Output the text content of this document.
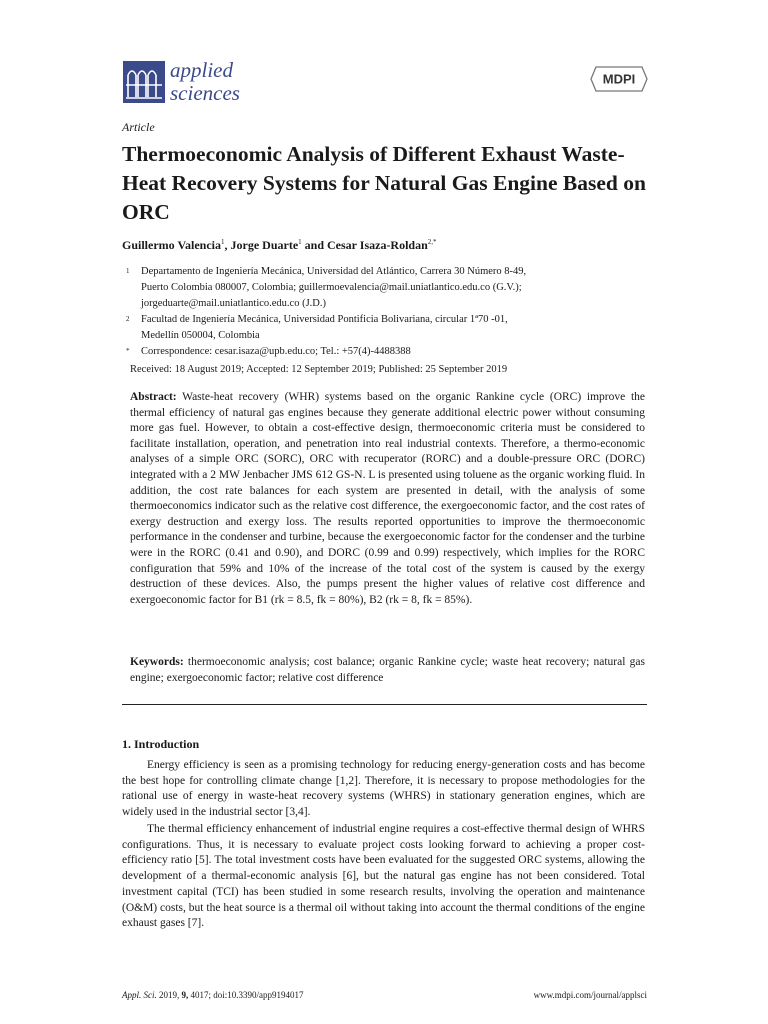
applied sciences
MDPI
Article
Thermoeconomic Analysis of Different Exhaust Waste-Heat Recovery Systems for Natural Gas Engine Based on ORC
Guillermo Valencia$^1$, Jorge Duarte$^1$ and Cesar Isaza-Roldan$^{2,*}$
1 Departamento de Ingeniería Mecánica, Universidad del Atlántico, Carrera 30 Número 8-49,
Puerto Colombia 080007, Colombia; guillermoevalencia@mail.uniatlantico.edu.co (G.V.);
jorgeduarte@mail.uniatlantico.edu.co (J.D.)
2 Facultad de Ingeniería Mecánica, Universidad Pontificia Bolivariana, circular 1ª70 -01,
Medellín 050004, Colombia
* Correspondence: cesar.isaza@upb.edu.co; Tel.: +57(4)-4488388
Received: 18 August 2019; Accepted: 12 September 2019; Published: 25 September 2019
Abstract: Waste-heat recovery (WHR) systems based on the organic Rankine cycle (ORC) improve the thermal efficiency of natural gas engines because they generate additional electric power without consuming more gas fuel. However, to obtain a cost-effective design, thermoeconomic criteria must be considered to facilitate installation, operation, and penetration into real industrial contexts. Therefore, a thermo-economic analyses of a simple ORC (SORC), ORC with recuperator (RORC) and a double-pressure ORC (DORC) integrated with a 2 MW Jenbacher JMS 612 GS-N. L is presented using toluene as the organic working fluid. In addition, the cost rate balances for each system are presented in detail, with the analysis of some thermoeconomics indicator such as the relative cost difference, the exergoeconomic factor, and the cost rates of exergy destruction and exergy loss. The results reported opportunities to improve the thermoeconomic performance in the condenser and turbine, because the exergoeconomic factor for the condenser and the turbine were in the RORC (0.41 and 0.90), and DORC (0.99 and 0.99) respectively, which implies for the RORC configuration that 59% and 10% of the increase of the total cost of the system is caused by the exergy destruction of these devices. Also, the pumps present the higher values of relative cost difference and exergoeconomic factor for B1 (rk = 8.5, fk = 80%), B2 (rk = 8, fk = 85%).
Keywords: thermoeconomic analysis; cost balance; organic Rankine cycle; waste heat recovery; natural gas engine; exergoeconomic factor; relative cost difference
1. Introduction
Energy efficiency is seen as a promising technology for reducing energy-generation costs and has become the best hope for controlling climate change [1,2]. Therefore, it is necessary to propose methodologies for the rational use of energy in waste-heat recovery systems (WHRS) in stationary generation engines, which are widely used in the industrial sector [3,4].
The thermal efficiency enhancement of industrial engine requires a cost-effective thermal design of WHRS configurations. Thus, it is necessary to evaluate project costs looking forward to achieving a proper cost-efficiency ratio [5]. The total investment costs have been evaluated for the suggested ORC systems, allowing the development of a thermal-economic analysis [6], but the natural gas engine has not been considered. Total investment capital (TCI) has been studied in some research results, involving the operation and maintenance (O&M) costs, but the heat source is a thermal oil without taking into account the thermal conditions of the engine exhaust gases [7].
Appl. Sci. 2019, 9, 4017; doi:10.3390/app9194017	www.mdpi.com/journal/applsci
